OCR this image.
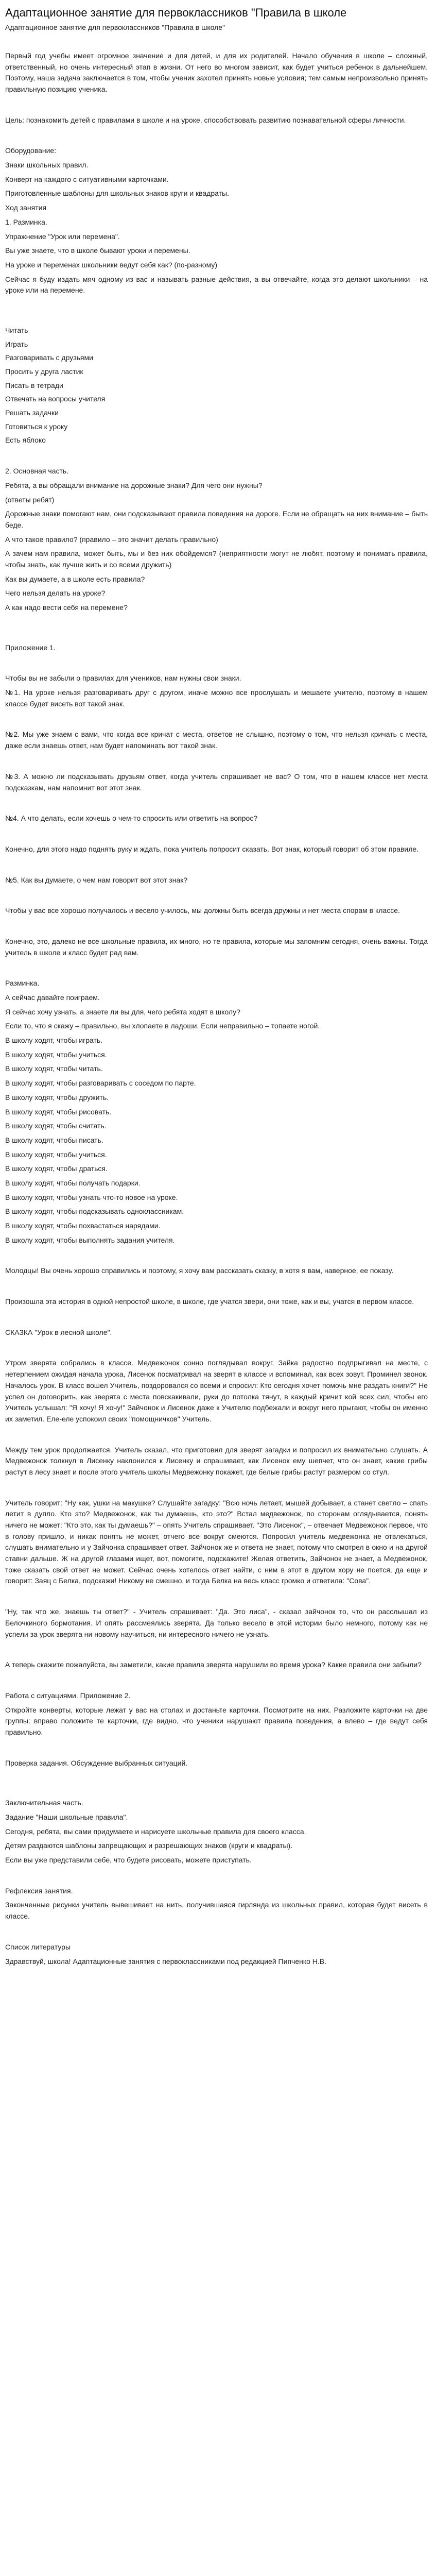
Адаптационное занятие для первоклассников "Правила в школе
Адаптационное занятие для первоклассников "Правила в школе"

Первый год учебы имеет огромное значение и для детей, и для их родителей. Начало обучения в школе – сложный, ответственный, но очень интересный этап в жизни. От него во многом зависит, как будет учиться ребенок в дальнейшем. Поэтому, наша задача заключается в том, чтобы ученик захотел принять новые условия; тем самым непроизвольно принять правильную позицию ученика.

Цель: познакомить детей с правилами в школе и на уроке, способствовать развитию познавательной сферы личности.

Оборудование:

Знаки школьных правил.

Конверт на каждого с ситуативными карточками.

Приготовленные шаблоны для школьных знаков круги и квадраты.

Ход занятия

1. Разминка.

Упражнение "Урок или перемена".

Вы уже знаете, что в школе бывают уроки и перемены.

На уроке и переменах школьники ведут себя как? (по-разному)

Сейчас я буду издать мяч одному из вас и называть разные действия, а вы отвечайте, когда это делают школьники – на уроке или на перемене.

Читать

Играть

Разговаривать с друзьями

Просить у друга ластик

Писать в тетради

Отвечать на вопросы учителя

Решать задачки

Готовиться к уроку

Есть яблоко

2. Основная часть.

Ребята, а вы обращали внимание на дорожные знаки? Для чего они нужны?

(ответы ребят)

Дорожные знаки помогают нам, они подсказывают правила поведения на дороге. Если не обращать на них внимание – быть беде.

А что такое правило? (правило – это значит делать правильно)

А зачем нам правила, может быть, мы и без них обойдемся? (неприятности могут не любят, поэтому и понимать правила, чтобы знать, как лучше жить и со всеми дружить)

Как вы думаете, а в школе есть правила?

Чего нельзя делать на уроке?

А как надо вести себя на перемене?

Приложение 1.

Чтобы вы не забыли о правилах для учеников, нам нужны свои знаки.

№1. На уроке нельзя разговаривать друг с другом, иначе можно все прослушать и мешаете учителю, поэтому в нашем классе будет висеть вот такой знак.

№2. Мы уже знаем с вами, что когда все кричат с места, ответов не слышно, поэтому о том, что нельзя кричать с места, даже если знаешь ответ, нам будет напоминать вот такой знак.

№3. А можно ли подсказывать друзьям ответ, когда учитель спрашивает не вас? О том, что в нашем классе нет места подсказкам, нам напомнит вот этот знак.

№4. А что делать, если хочешь о чем-то спросить или ответить на вопрос?

Конечно, для этого надо поднять руку и ждать, пока учитель попросит сказать. Вот знак, который говорит об этом правиле.

№5. Как вы думаете, о чем нам говорит вот этот знак?

Чтобы у вас все хорошо получалось и весело училось, мы должны быть всегда дружны и нет места спорам в классе.

Конечно, это, далеко не все школьные правила, их много, но те правила, которые мы запомним сегодня, очень важны. Тогда учитель в школе и класс будет рад вам.

Разминка.

А сейчас давайте поиграем.

Я сейчас хочу узнать, а знаете ли вы для, чего ребята ходят в школу?

Если то, что я скажу – правильно, вы хлопаете в ладоши. Если неправильно – топаете ногой.

В школу ходят, чтобы играть.

В школу ходят, чтобы учиться.

В школу ходят, чтобы читать.

В школу ходят, чтобы разговаривать с соседом по парте.

В школу ходят, чтобы дружить.

В школу ходят, чтобы рисовать.

В школу ходят, чтобы считать.

В школу ходят, чтобы писать.

В школу ходят, чтобы учиться.

В школу ходят, чтобы драться.

В школу ходят, чтобы получать подарки.

В школу ходят, чтобы узнать что-то новое на уроке.

В школу ходят, чтобы подсказывать однокласcникам.

В школу ходят, чтобы похвастаться нарядами.

В школу ходят, чтобы выполнять задания учителя.

Молодцы! Вы очень хорошо справились и поэтому, я хочу вам рассказать сказку, в хотя я вам, наверное, ее показу.

Произошла эта история в одной непростой школе, в школе, где учатся звери, они тоже, как и вы, учатся в первом классе.

СКАЗКА "Урок в лесной школе".

Утром зверята собрались в классе. Медвежонок сонно поглядывал вокруг, Зайка радостно подпрыгивал на месте, с нетерпением ожидая начала урока, Лисенок посматривал на зверят в классе и вспоминал, как всех зовут. Проминел звонок. Началось урок. В класс вошел Учитель, поздоровался со всеми и спросил: Кто сегодня хочет помочь мне раздать книги?" Не успел он договорить, как зверята с места повскакивали, руки до потолка тянут, в каждый кричит кой всех сил, чтобы его Учитель услышал: "Я хочу! Я хочу!" Зайчонок и Лисенок даже к Учителю подбежали и вокруг него прыгают, чтобы он именно их заметил. Еле-еле успокоил своих "помощничков" Учитель.

Между тем урок продолжается. Учитель сказал, что приготовил для зверят загадки и попросил их внимательно слушать. А Медвежонок толкнул в Лисенку наклонился к Лисенку и спрашивает, как Лисенок ему шепчет, что он знает, какие грибы растут в лесу знает и после этого учитель школы Медвежонку покажет, где белые грибы растут размером со стул.

Учитель говорит: "Ну как, ушки на макушке? Слушайте загадку: "Всю ночь летает, мышей добывает, а станет светло – спать летит в дупло. Кто это? Медвежонок, как ты думаешь, кто это?" Встал медвежонок, по сторонам оглядывается, понять ничего не может: "Кто это, как ты думаешь?" – опять Учитель спрашивает. "Это Лисенок", – отвечает Медвежонок первое, что в голову пришло, и никак понять не может, отчего все вокруг смеются. Попросил учитель медвежонка не отвлекаться, слушать внимательно и у Зайчонка спрашивает ответ. Зайчонок же и ответа не знает, потому что смотрел в окно и на другой ставни дальше. Ж на другой глазами ищет, вот, помогите, подскажите! Желая ответить, Зайчонок не знает, а Медвежонок, тоже сказать свой ответ не может. Сейчас очень хотелось ответ найти, с ним в этот в другом хору не поется, да еще и говорит: Заяц с Белка, подскажи! Никому не смешно, и тогда Белка на весь класс громко и ответила: "Сова".

"Ну, так что же, знаешь ты ответ?" - Учитель спрашивает: "Да. Это лиса", - сказал зайчонок то, что он расслышал из Белочкиного бормотания. И опять рассмеялись зверята. Да только весело в этой истории было немного, потому как не успели за урок зверята ни новому научиться, ни интересного ничего не узнать.

А теперь скажите пожалуйста, вы заметили, какие правила зверята нарушили во время урока? Какие правила они забыли?

Работа с ситуациями. Приложение 2.

Откройте конверты, которые лежат у вас на столах и достаньте карточки. Посмотрите на них. Разложите карточки на две группы: вправо положите те карточки, где видно, что ученики нарушают правила поведения, а влево – где ведут себя правильно.

Проверка задания. Обсуждение выбранных ситуаций.

Заключительная часть.

Задание "Наши школьные правила".

Сегодня, ребята, вы сами придумаете и нарисуете школьные правила для своего класса.

Детям раздаются шаблоны запрещающих и разрешающих знаков (круги и квадраты).

Если вы уже представили себе, что будете рисовать, можете приступать.

Рефлексия занятия.

Законченные рисунки учитель вывешивает на нить, получившаяся гирлянда из школьных правил, которая будет висеть в классе.

Список литературы

Здравствуй, школа! Адаптационные занятия с первоклассниками под редакцией Пипченко Н.В.
